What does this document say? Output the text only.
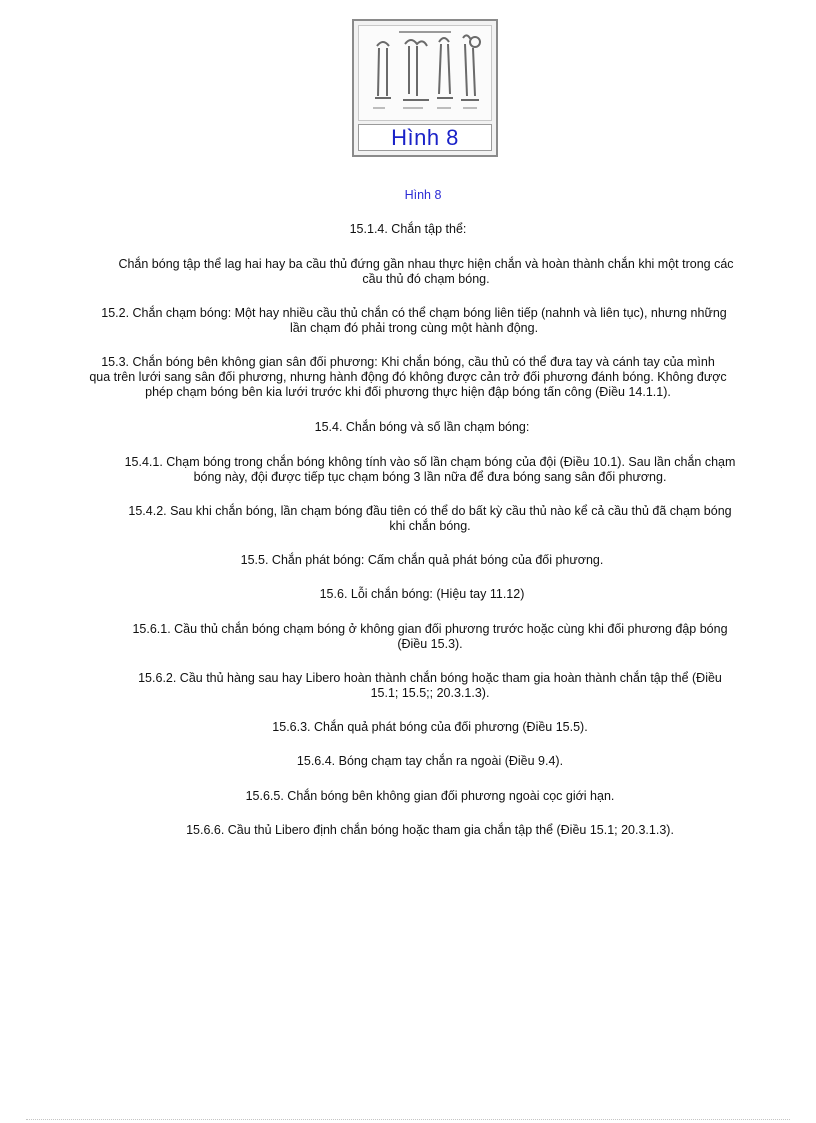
Hình 8
Hình 8
15.1.4. Chắn tập thể:
Chắn bóng tập thể lag hai hay ba cầu thủ đứng gần nhau thực hiện chắn và hoàn thành chắn khi một trong các
cầu thủ đó chạm bóng.
15.2. Chắn chạm bóng: Một hay nhiều cầu thủ chắn có thể chạm bóng liên tiếp (nahnh và liên tục), nhưng những
lần chạm đó phải trong cùng một hành động.
15.3. Chắn bóng bên không gian sân đối phương: Khi chắn bóng, cầu thủ có thể đưa tay và cánh tay của mình
qua trên lưới sang sân đối phương, nhưng hành động đó không được cản trở đối phương đánh bóng. Không được
phép chạm bóng bên kia lưới trước khi đối phương thực hiện đập bóng tấn công (Điều 14.1.1).
15.4. Chắn bóng và số lần chạm bóng:
15.4.1. Chạm bóng trong chắn bóng không tính vào số lần chạm bóng của đội (Điều 10.1). Sau lần chắn chạm
bóng này, đội được tiếp tục chạm bóng 3 lần nữa để đưa bóng sang sân đối phương.
15.4.2. Sau khi chắn bóng, lần chạm bóng đầu tiên có thể do bất kỳ cầu thủ nào kể cả cầu thủ đã chạm bóng
khi chắn bóng.
15.5. Chắn phát bóng: Cấm chắn quả phát bóng của đối phương.
15.6. Lỗi chắn bóng: (Hiệu tay 11.12)
15.6.1. Cầu thủ chắn bóng chạm bóng ở không gian đối phương trước hoặc cùng khi đối phương đập bóng
(Điều 15.3).
15.6.2. Cầu thủ hàng sau hay Libero hoàn thành chắn bóng hoặc tham gia hoàn thành chắn tập thể (Điều
15.1; 15.5;; 20.3.1.3).
15.6.3. Chắn quả phát bóng của đối phương (Điều 15.5).
15.6.4. Bóng chạm tay chắn ra ngoài (Điều 9.4).
15.6.5. Chắn bóng bên không gian đối phương ngoài cọc giới hạn.
15.6.6. Cầu thủ Libero định chắn bóng hoặc tham gia chắn tập thể (Điều 15.1; 20.3.1.3).
